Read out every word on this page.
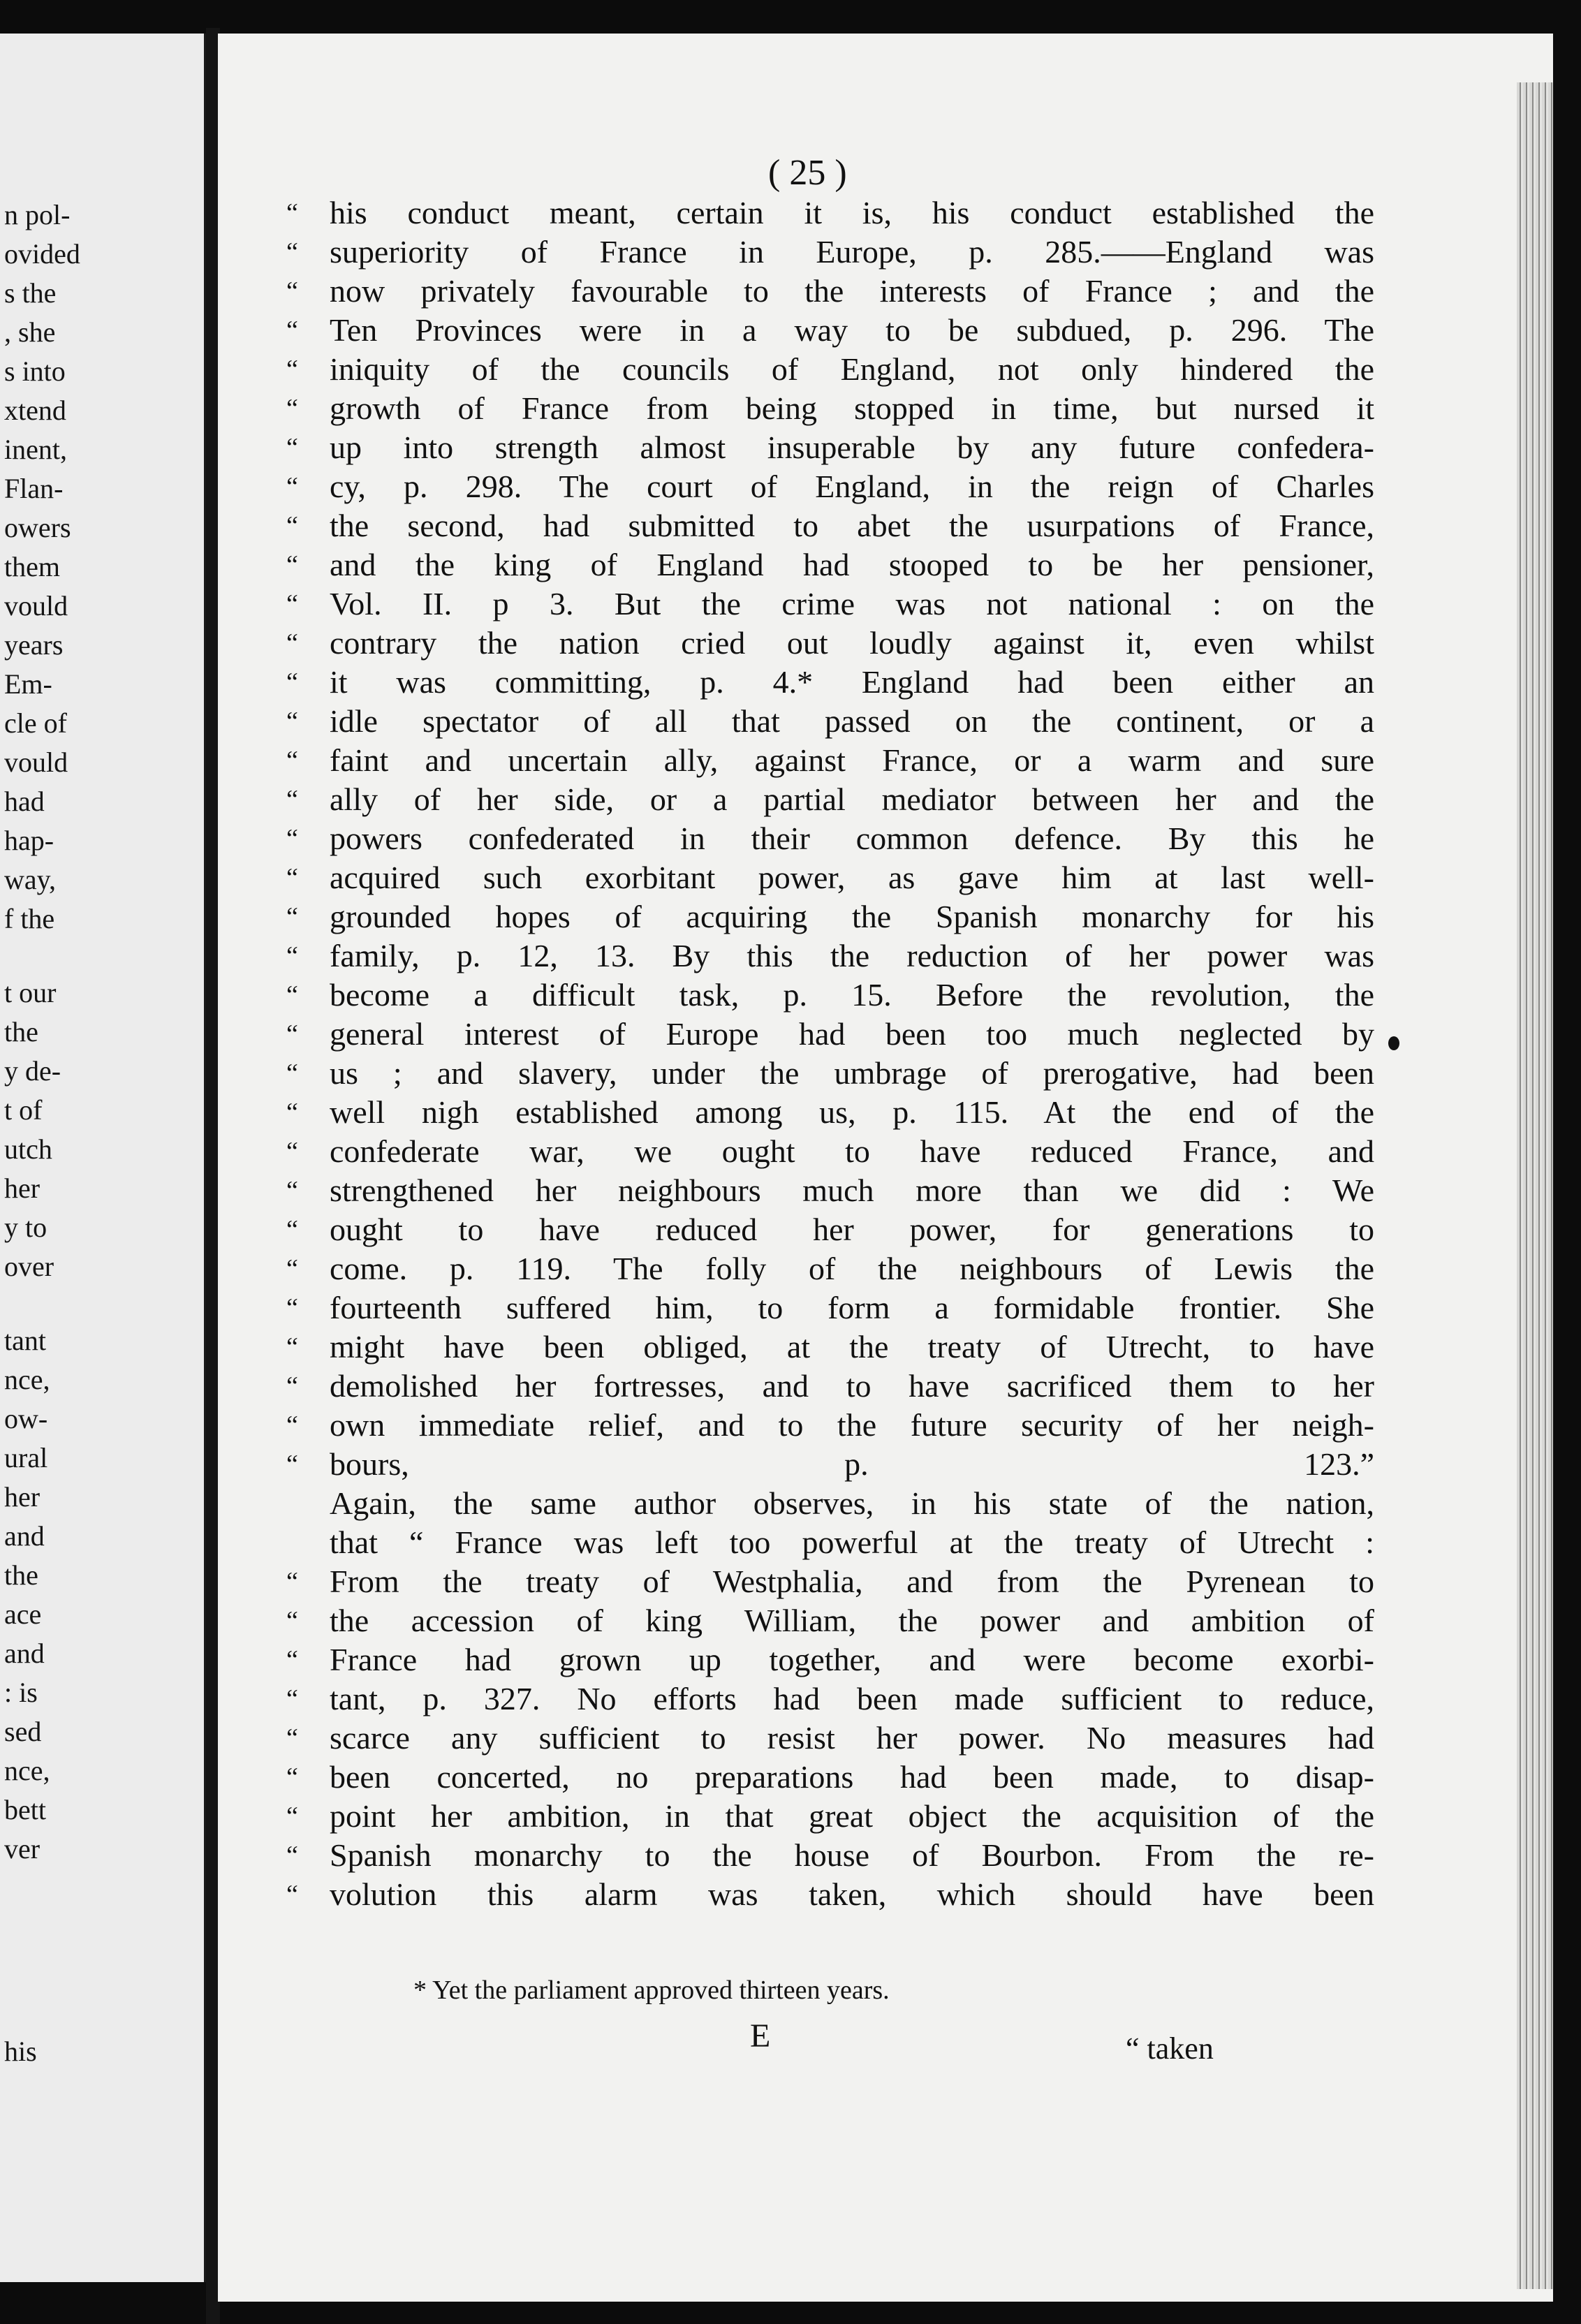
n pol-
ovided
s the
, she
s into
xtend
inent,
Flan-
owers
them
vould
years
Em-
cle of
vould
had
hap-
way,
f the
t our
the
y de-
t of
utch
her
y to
over
tant
nce,
ow-
ural
her
and
the
ace
and
: is
sed
nce,
bett
ver
his
( 25 )
“ his conduct meant, certain it is, his conduct established the
“ superiority of France in Europe, p. 285.——England was
“ now privately favourable to the interests of France ; and the
“ Ten Provinces were in a way to be subdued, p. 296. The
“ iniquity of the councils of England, not only hindered the
“ growth of France from being stopped in time, but nursed it
“ up into strength almost insuperable by any future confedera-
“ cy, p. 298. The court of England, in the reign of Charles
“ the second, had submitted to abet the usurpations of France,
“ and the king of England had stooped to be her pensioner,
“ Vol. II. p 3. But the crime was not national : on the
“ contrary the nation cried out loudly against it, even whilst
“ it was committing, p. 4.* England had been either an
“ idle spectator of all that passed on the continent, or a
“ faint and uncertain ally, against France, or a warm and sure
“ ally of her side, or a partial mediator between her and the
“ powers confederated in their common defence. By this he
“ acquired such exorbitant power, as gave him at last well-
“ grounded hopes of acquiring the Spanish monarchy for his
“ family, p. 12, 13. By this the reduction of her power was
“ become a difficult task, p. 15. Before the revolution, the
“ general interest of Europe had been too much neglected by
“ us ; and slavery, under the umbrage of prerogative, had been
“ well nigh established among us, p. 115. At the end of the
“ confederate war, we ought to have reduced France, and
“ strengthened her neighbours much more than we did : We
“ ought to have reduced her power, for generations to
“ come. p. 119. The folly of the neighbours of Lewis the
“ fourteenth suffered him, to form a formidable frontier. She
“ might have been obliged, at the treaty of Utrecht, to have
“ demolished her fortresses, and to have sacrificed them to her
“ own immediate relief, and to the future security of her neigh-
“ bours, p. 123.”
Again, the same author observes, in his state of the nation,
that “ France was left too powerful at the treaty of Utrecht :
“ From the treaty of Westphalia, and from the Pyrenean to
“ the accession of king William, the power and ambition of
“ France had grown up together, and were become exorbi-
“ tant, p. 327. No efforts had been made sufficient to reduce,
“ scarce any sufficient to resist her power. No measures had
“ been concerted, no preparations had been made, to disap-
“ point her ambition, in that great object the acquisition of the
“ Spanish monarchy to the house of Bourbon. From the re-
“ volution this alarm was taken, which should have been
* Yet the parliament approved thirteen years.
E	“ taken
